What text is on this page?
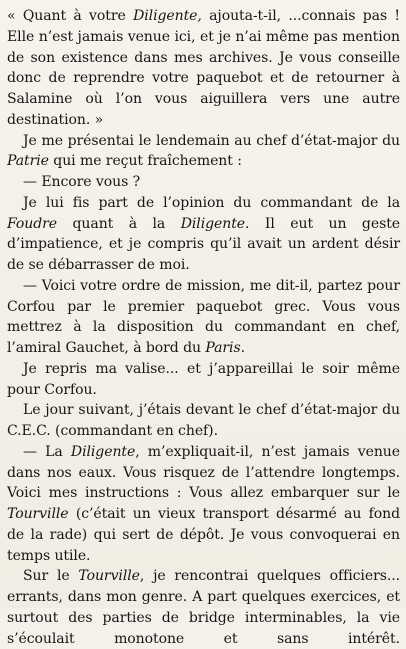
« Quant à votre Diligente, ajouta-t-il, ...connais pas ! Elle n’est jamais venue ici, et je n’ai même pas mention de son existence dans mes archives. Je vous conseille donc de reprendre votre paquebot et de retourner à Salamine où l’on vous aiguillera vers une autre destination. »

Je me présentai le lendemain au chef d’état-major du Patrie qui me reçut fraîchement :

— Encore vous ?

Je lui fis part de l’opinion du commandant de la Foudre quant à la Diligente. Il eut un geste d’impatience, et je compris qu’il avait un ardent désir de se débarrasser de moi.

— Voici votre ordre de mission, me dit-il, partez pour Corfou par le premier paquebot grec. Vous vous mettrez à la disposition du commandant en chef, l’amiral Gauchet, à bord du Paris.

Je repris ma valise... et j’appareillai le soir même pour Corfou.

Le jour suivant, j’étais devant le chef d’état-major du C.E.C. (commandant en chef).

— La Diligente, m’expliquait-il, n’est jamais venue dans nos eaux. Vous risquez de l’attendre longtemps. Voici mes instructions : Vous allez embarquer sur le Tourville (c’était un vieux transport désarmé au fond de la rade) qui sert de dépôt. Je vous convoquerai en temps utile.

Sur le Tourville, je rencontrai quelques officiers... errants, dans mon genre. A part quelques exercices, et surtout des parties de bridge interminables, la vie s’écoulait monotone et sans intérêt.
